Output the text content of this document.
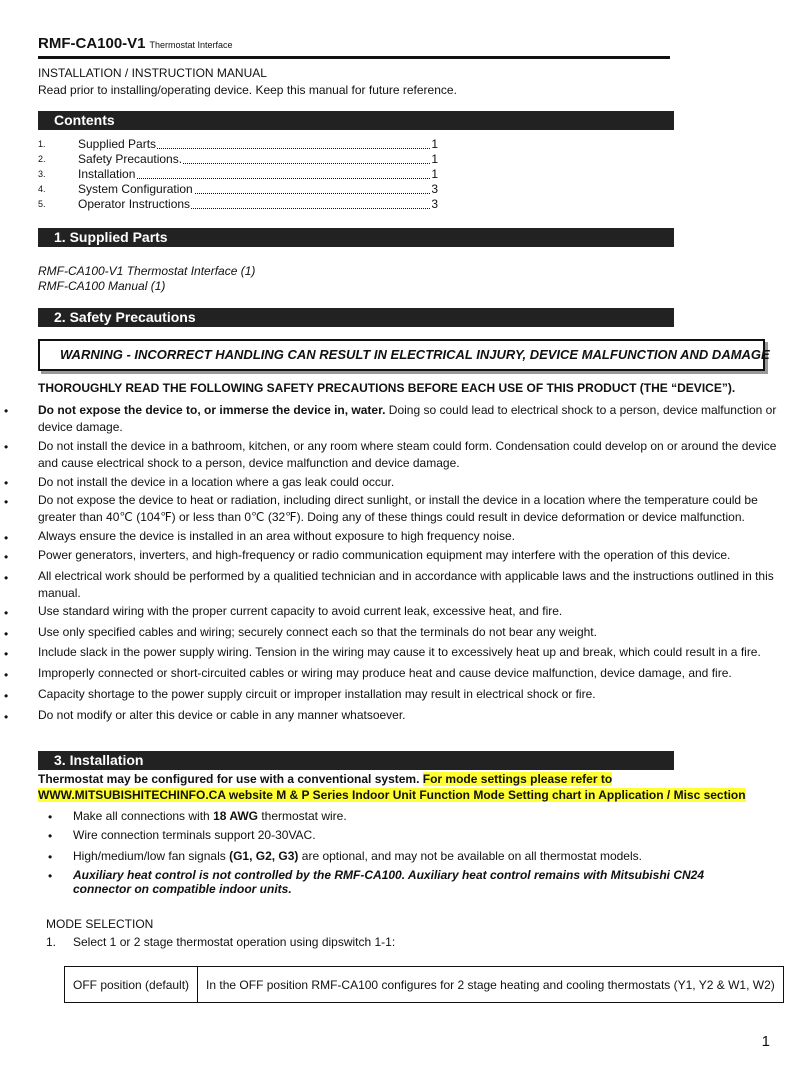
RMF-CA100-V1 Thermostat Interface
INSTALLATION / INSTRUCTION MANUAL
Read prior to installing/operating device. Keep this manual for future reference.
Contents
1.	Supplied Parts	1
2.	Safety Precautions.	1
3.	Installation	1
4.	System Configuration	3
5.	Operator Instructions	3
1. Supplied Parts
RMF-CA100-V1 Thermostat Interface (1)
RMF-CA100 Manual (1)
2. Safety Precautions
WARNING - INCORRECT HANDLING CAN RESULT IN ELECTRICAL INJURY, DEVICE MALFUNCTION AND DAMAGE
THOROUGHLY READ THE FOLLOWING SAFETY PRECAUTIONS BEFORE EACH USE OF THIS PRODUCT (THE “DEVICE”).
• Do not expose the device to, or immerse the device in, water. Doing so could lead to electrical shock to a person, device malfunction or device damage.
• Do not install the device in a bathroom, kitchen, or any room where steam could form. Condensation could develop on or around the device and cause electrical shock to a person, device malfunction and device damage.
• Do not install the device in a location where a gas leak could occur.
• Do not expose the device to heat or radiation, including direct sunlight, or install the device in a location where the temperature could be greater than 40℃ (104℉) or less than 0℃ (32℉). Doing any of these things could result in device deformation or device malfunction.
• Always ensure the device is installed in an area without exposure to high frequency noise.
• Power generators, inverters, and high-frequency or radio communication equipment may interfere with the operation of this device.
• All electrical work should be performed by a qualitied technician and in accordance with applicable laws and the instructions outlined in this manual.
• Use standard wiring with the proper current capacity to avoid current leak, excessive heat, and fire.
• Use only specified cables and wiring; securely connect each so that the terminals do not bear any weight.
• Include slack in the power supply wiring. Tension in the wiring may cause it to excessively heat up and break, which could result in a fire.
• Improperly connected or short-circuited cables or wiring may produce heat and cause device malfunction, device damage, and fire.
• Capacity shortage to the power supply circuit or improper installation may result in electrical shock or fire.
• Do not modify or alter this device or cable in any manner whatsoever.
3. Installation
Thermostat may be configured for use with a conventional system. For mode settings please refer to
WWW.MITSUBISHITECHINFO.CA website M & P Series Indoor Unit Function Mode Setting chart in Application / Misc section
• Make all connections with 18 AWG thermostat wire.
• Wire connection terminals support 20-30VAC.
• High/medium/low fan signals (G1, G2, G3) are optional, and may not be available on all thermostat models.
• Auxiliary heat control is not controlled by the RMF-CA100. Auxiliary heat control remains with Mitsubishi CN24 connector on compatible indoor units.
MODE SELECTION
1. Select 1 or 2 stage thermostat operation using dipswitch 1-1:
OFF position (default)	In the OFF position RMF-CA100 configures for 2 stage heating and cooling thermostats (Y1, Y2 & W1, W2)
1
